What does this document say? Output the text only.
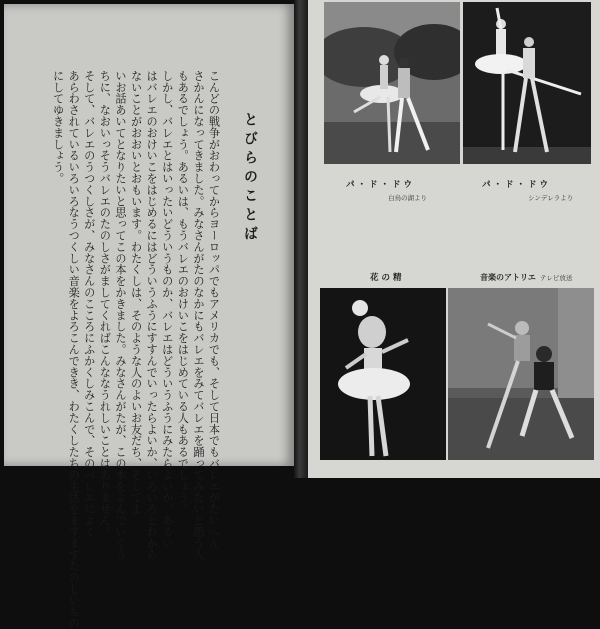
とびらのことば
こんどの戦争がおわってからヨーロッパでもアメリカでも、そして日本でもバレエがたいへん
さかんになってきました。みなさんがたのなかにもバレエをみてバレエを踊ってみたいと思う人
もあるでしょう。あるいは、もうバレエのおけいこをはじめている人もあるでしょう。
しかし、バレエとはいったいどういうものか、バレエはどういうふうにみたらよいか、あるい
はバレエのおけいこをはじめるにはどういうふうにすすんでいったらよいか、いろいろとわから
ないことがおおいとおもいます。わたくしは、そのような人のよいお友だち、そしてよ
いお話あいてとなりたいと思ってこの本をかきました。みなさんがたが、この本をよんでいくう
ちに、なおいっそうバレエのたのしさがましてくればこんななうれしいことはありません。
そして、バレエのうつくしさが、みなさんのこころにふかくしみこんで、そのバレエによく
あらわされているいろいろなうつくしい音楽をよろこんできき、わたくしたちの生活をますますたのしいもの
にしてゆきましょう。
パ・ド・ドウ
白鳥の湖より
パ・ド・ドウ
シンデレラより
花の精	音楽のアトリエ テレビ放送
